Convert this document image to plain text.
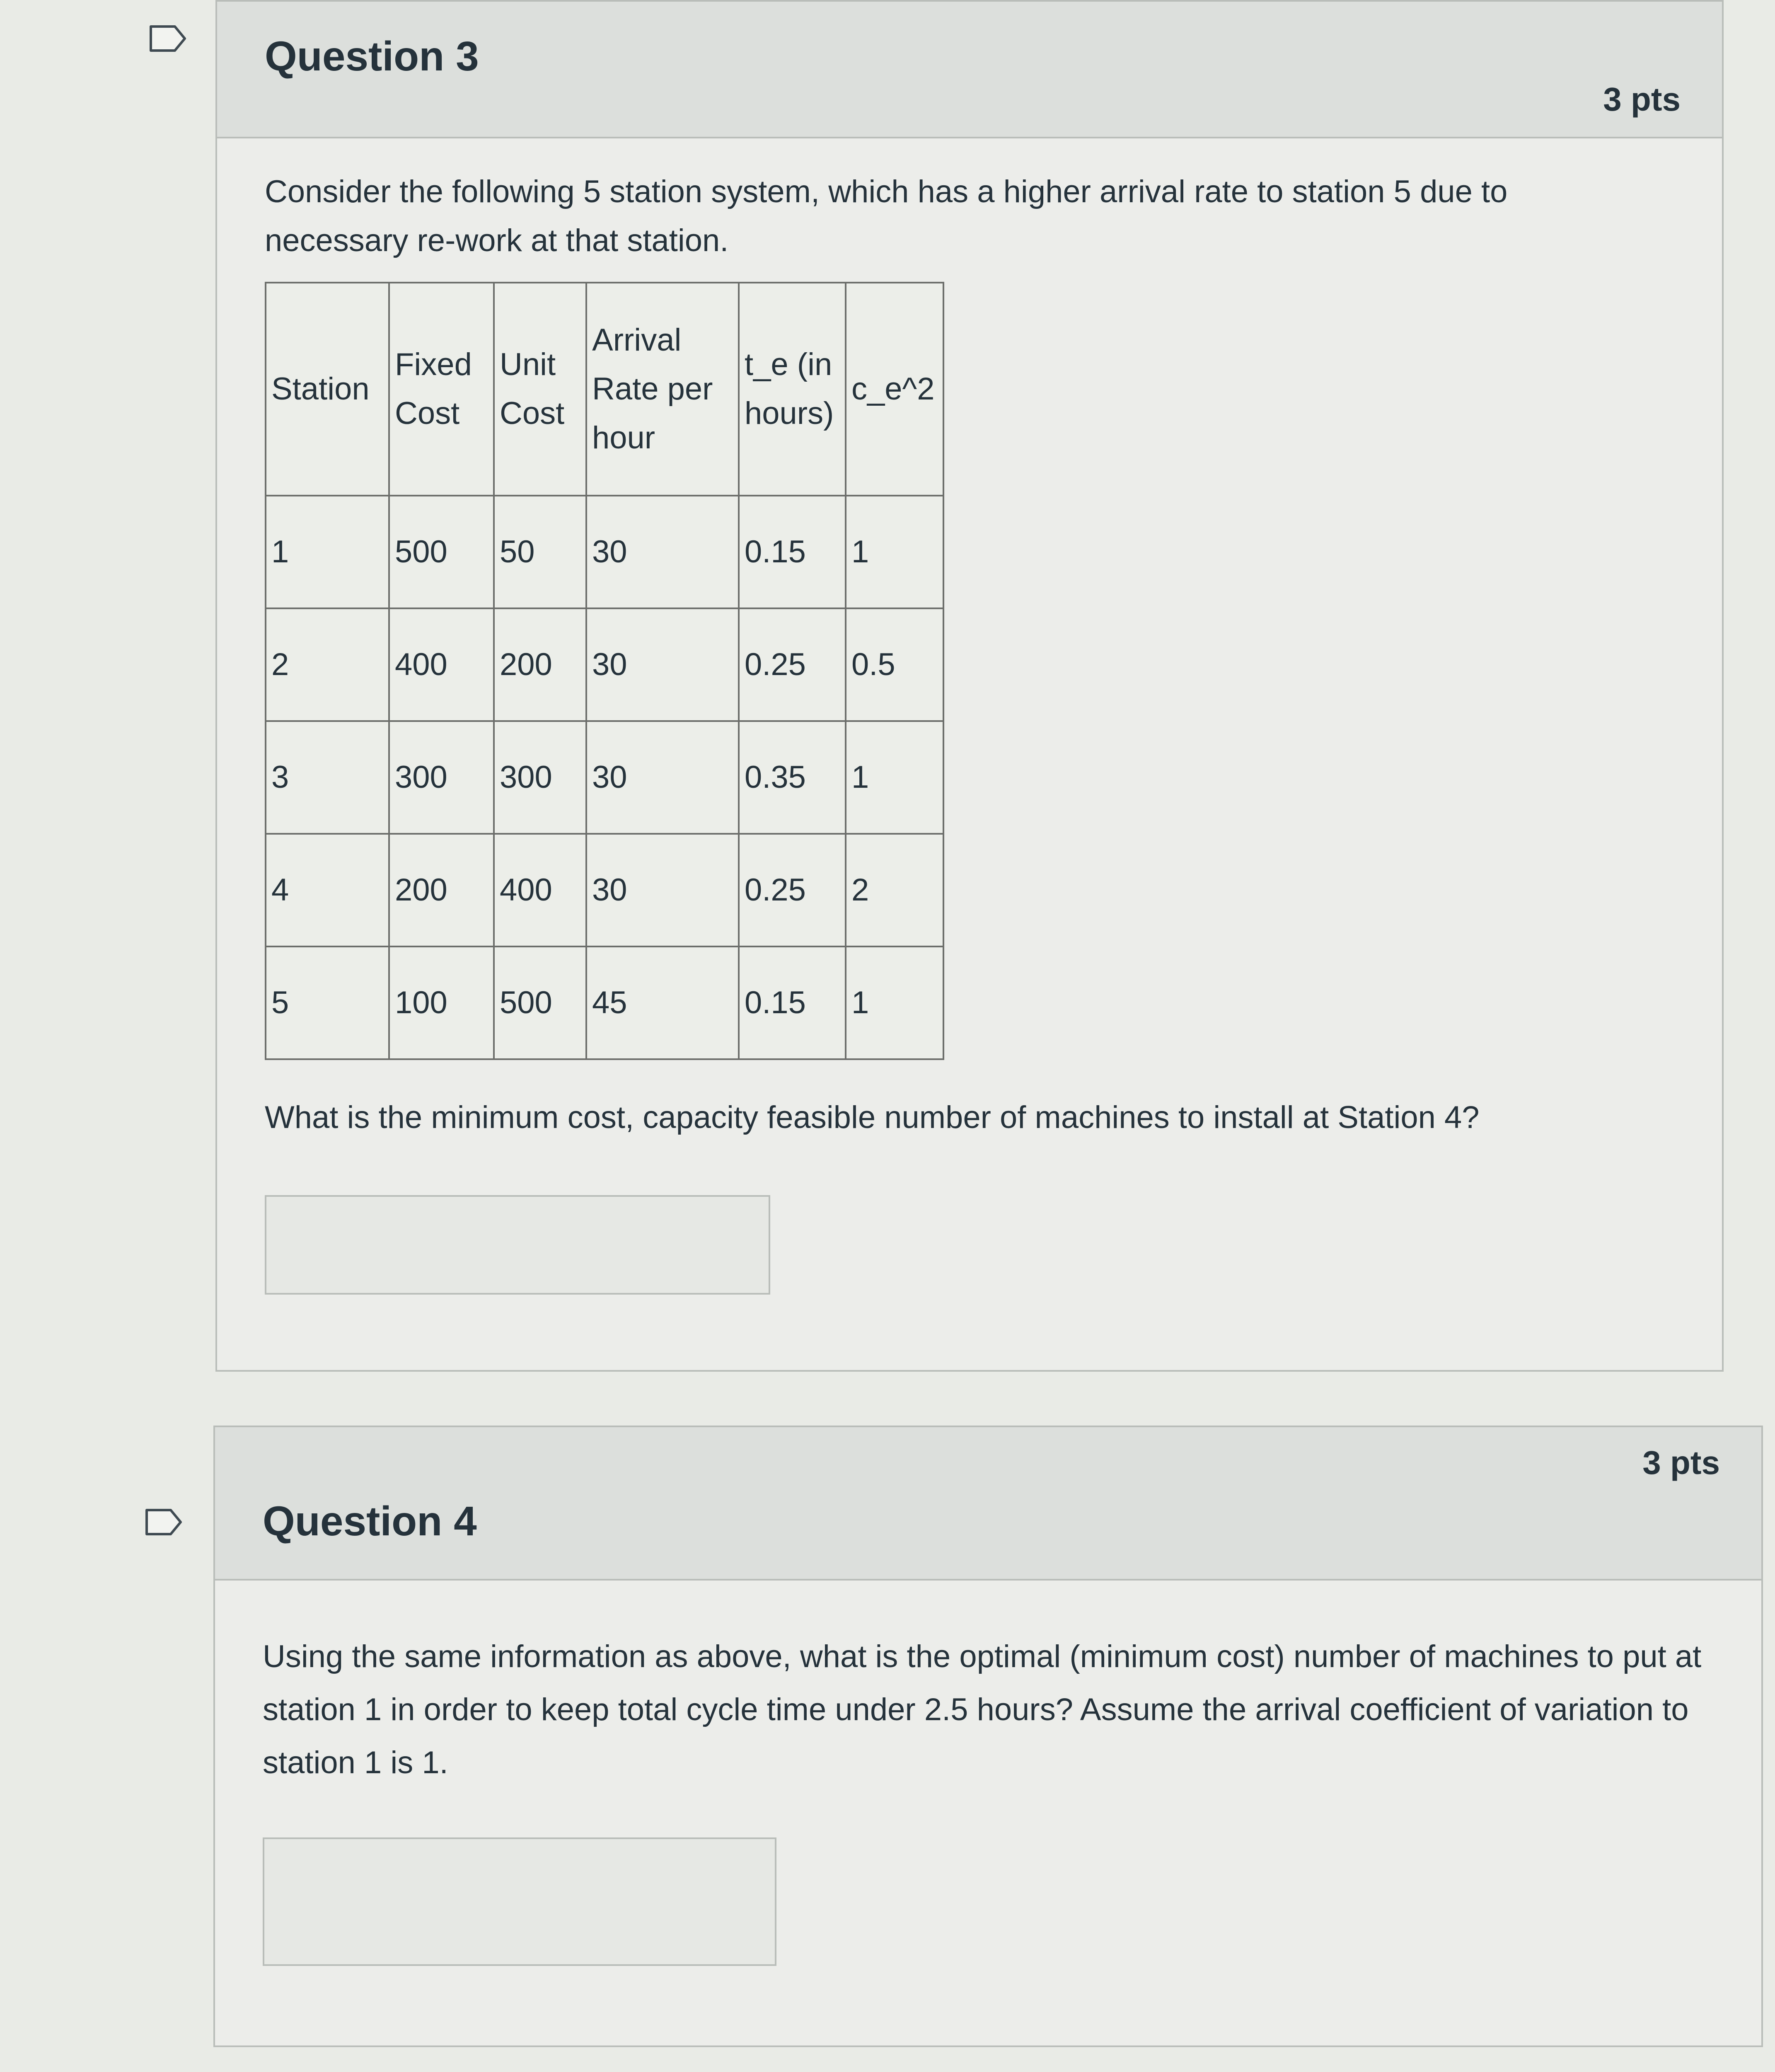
Question 3
3 pts

Consider the following 5 station system, which has a higher arrival rate to station 5 due to necessary re-work at that station.

Station	Fixed Cost	Unit Cost	Arrival Rate per hour	t_e (in hours)	c_e^2
1	500	50	30	0.15	1
2	400	200	30	0.25	0.5
3	300	300	30	0.35	1
4	200	400	30	0.25	2
5	100	500	45	0.15	1

What is the minimum cost, capacity feasible number of machines to install at Station 4?

Question 4
3 pts

Using the same information as above, what is the optimal (minimum cost) number of machines to put at station 1 in order to keep total cycle time under 2.5 hours? Assume the arrival coefficient of variation to station 1 is 1.
